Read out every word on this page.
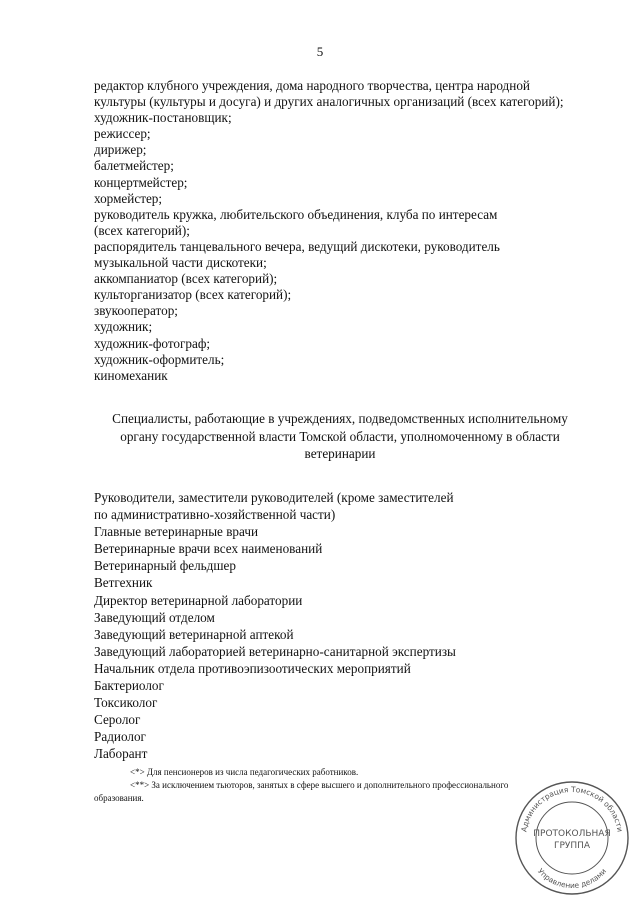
5
редактор клубного учреждения, дома народного творчества, центра народной
культуры (культуры и досуга) и других аналогичных организаций (всех категорий);
художник-постановщик;
режиссер;
дирижер;
балетмейстер;
концертмейстер;
хормейстер;
руководитель кружка, любительского объединения, клуба по интересам
(всех категорий);
распорядитель танцевального вечера, ведущий дискотеки, руководитель
музыкальной части дискотеки;
аккомпаниатор (всех категорий);
культорганизатор (всех категорий);
звукооператор;
художник;
художник-фотограф;
художник-оформитель;
киномеханик
Специалисты, работающие в учреждениях, подведомственных исполнительному
органу государственной власти Томской области, уполномоченному в области
ветеринарии
Руководители, заместители руководителей (кроме заместителей
по административно-хозяйственной части)
Главные ветеринарные врачи
Ветеринарные врачи всех наименований
Ветеринарный фельдшер
Ветгехник
Директор ветеринарной лаборатории
Заведующий отделом
Заведующий ветеринарной аптекой
Заведующий лабораторией ветеринарно-санитарной экспертизы
Начальник отдела противоэпизоотических мероприятий
Бактериолог
Токсиколог
Серолог
Радиолог
Лаборант
<*> Для пенсионеров из числа педагогических работников.
<**> За исключением тьюторов, занятых в сфере высшего и дополнительного профессионального
образования.
Администрация Томской области
Управление делами
ПРОТОКОЛЬНАЯ
ГРУППА
